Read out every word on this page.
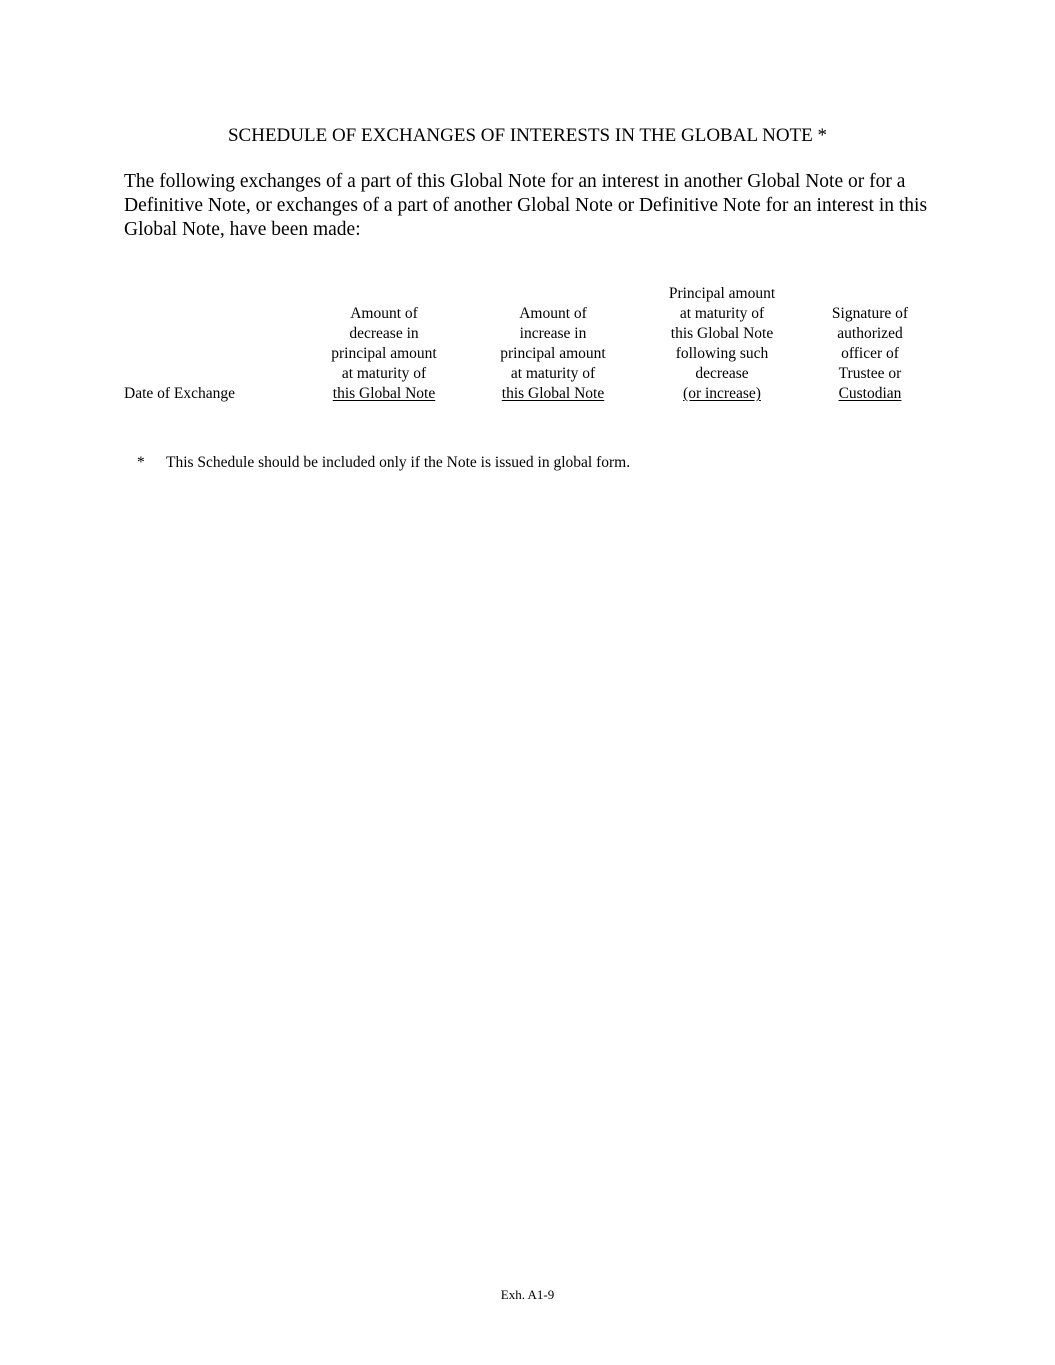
SCHEDULE OF EXCHANGES OF INTERESTS IN THE GLOBAL NOTE *

The following exchanges of a part of this Global Note for an interest in another Global Note or for a Definitive Note, or exchanges of a part of another Global Note or Definitive Note for an interest in this Global Note, have been made:

Date of Exchange
Amount of
decrease in
principal amount
at maturity of
this Global Note
Amount of
increase in
principal amount
at maturity of
this Global Note
Principal amount
at maturity of
this Global Note
following such
decrease
(or increase)
Signature of
authorized
officer of
Trustee or
Custodian
* This Schedule should be included only if the Note is issued in global form.
Exh. A1-9
